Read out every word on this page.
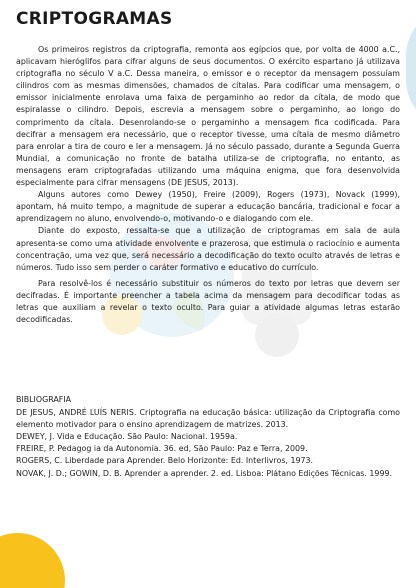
CRIPTOGRAMAS

Os primeiros registros da criptografia, remonta aos egípcios que, por volta de 4000 a.C., aplicavam hieróglifos para cifrar alguns de seus documentos. O exército espartano já utilizava criptografia no século V a.C. Dessa maneira, o emissor e o receptor da mensagem possuíam cilindros com as mesmas dimensões, chamados de cítalas. Para codificar uma mensagem, o emissor inicialmente enrolava uma faixa de pergaminho ao redor da cítala, de modo que espiralasse o cilindro. Depois, escrevia a mensagem sobre o pergaminho, ao longo do comprimento da cítala. Desenrolando-se o pergaminho a mensagem fica codificada. Para decifrar a mensagem era necessário, que o receptor tivesse, uma cítala de mesmo diâmetro para enrolar a tira de couro e ler a mensagem. Já no século passado, durante a Segunda Guerra Mundial, a comunicação no fronte de batalha utiliza-se de criptografia, no entanto, as mensagens eram criptografadas utilizando uma máquina enigma, que fora desenvolvida especialmente para cifrar mensagens (DE JESUS, 2013).

Alguns autores como Dewey (1950), Freire (2009), Rogers (1973), Novack (1999), apontam, há muito tempo, a magnitude de superar a educação bancária, tradicional e focar a aprendizagem no aluno, envolvendo-o, motivando-o e dialogando com ele.

Diante do exposto, ressalta-se que a utilização de criptogramas em sala de aula apresenta-se como uma atividade envolvente e prazerosa, que estimula o raciocínio e aumenta concentração, uma vez que, será necessário a decodificação do texto oculto através de letras e números. Tudo isso sem perder o caráter formativo e educativo do currículo.

Para resolvê-los é necessário substituir os números do texto por letras que devem ser decifradas. É importante preencher a tabela acima da mensagem para decodificar todas as letras que auxiliam a revelar o texto oculto. Para guiar a atividade algumas letras estarão decodificadas.

BIBLIOGRAFIA

DE JESUS, ANDRÉ LUÍS NERIS. Criptografia na educação básica: utilização da Criptografia como elemento motivador para o ensino aprendizagem de matrizes. 2013.

DEWEY, J. Vida e Educação. São Paulo: Nacional. 1959a.

FREIRE, P. Pedagog ia da Autonomia. 36. ed, São Paulo: Paz e Terra, 2009.

ROGERS, C. Liberdade para Aprender. Belo Horizonte: Ed. Interlivros, 1973.

NOVAK, J. D.; GOWIN, D. B. Aprender a aprender. 2. ed. Lisboa: Plátano Edições Técnicas. 1999.
